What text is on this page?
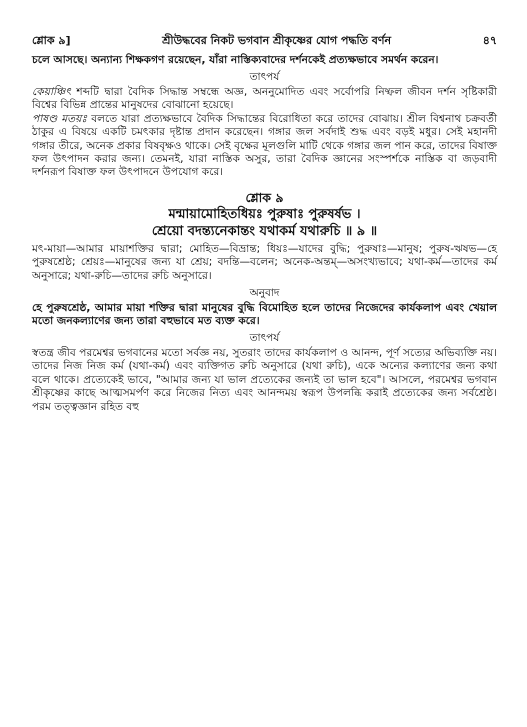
শ্লোক ৯]	শ্রীউদ্ধবের নিকট ভগবান শ্রীকৃষ্ণের যোগ পদ্ধতি বর্ণন	৪৭

চলে আসছে। অন্যান্য শিক্ষকগণ রয়েছেন, যাঁরা নাস্তিক্যবাদের দর্শনকেই প্রত্যক্ষভাবে সমর্থন করেন।

তাৎপর্য

কেয়াঞ্চিৎ শব্দটি দ্বারা বৈদিক সিদ্ধান্ত সম্বন্ধে অজ্ঞ, অননুমোদিত এবং সর্বোপরি নিষ্ফল জীবন দর্শন সৃষ্টিকারী বিশ্বের বিভিন্ন প্রান্তের মানুষদের বোঝানো হয়েছে।

পাষণ্ড মতয়ঃ বলতে যারা প্রত্যক্ষভাবে বৈদিক সিদ্ধান্তের বিরোধিতা করে তাদের বোঝায়। শ্রীল বিশ্বনাথ চক্রবর্তী ঠাকুর এ বিষয়ে একটি চমৎকার দৃষ্টান্ত প্রদান করেছেন। গঙ্গার জল সর্বদাই শুদ্ধ এবং বড়ই মধুর। সেই মহানদী গঙ্গার তীরে, অনেক প্রকার বিষবৃক্ষও থাকে। সেই বৃক্ষের মূলগুলি মাটি থেকে গঙ্গার জল পান করে, তাদের বিষাক্ত ফল উৎপাদন করার জন্য। তেমনই, যারা নাস্তিক অসুর, তারা বৈদিক জ্ঞানের সংস্পর্শকে নাস্তিক বা জড়বাদী দর্শনরূপ বিষাক্ত ফল উৎপাদনে উপযোগ করে।

শ্লোক ৯
মন্মায়ামোহিতধিয়ঃ পুরুষাঃ পুরুষর্ষভ ।
শ্রেয়ো বদন্ত্যনেকান্তং যথাকর্ম যথারুচি ॥ ৯ ॥

মৎ-মায়া—আমার মায়াশক্তির দ্বারা; মোহিত—বিভ্রান্ত; ধিয়ঃ—যাদের বুদ্ধি; পুরুষাঃ—মানুষ; পুরুষ-ঋষভ—হে পুরুষশ্রেষ্ঠ; শ্রেয়ঃ—মানুষের জন্য যা শ্রেয়; বদন্তি—বলেন; অনেক-অন্তম্—অসংখ্যভাবে; যথা-কর্ম—তাদের কর্ম অনুসারে; যথা-রুচি—তাদের রুচি অনুসারে।

অনুবাদ

হে পুরুষশ্রেষ্ঠ, আমার মায়া শক্তির দ্বারা মানুষের বুদ্ধি বিমোহিত হলে তাদের নিজেদের কার্যকলাপ এবং খেয়াল মতো জনকল্যাণের জন্য তারা বহুভাবে মত ব্যক্ত করে।

তাৎপর্য

স্বতন্ত্র জীব পরমেশ্বর ভগবানের মতো সর্বজ্ঞ নয়, সুতরাং তাদের কার্যকলাপ ও আনন্দ, পূর্ণ সত্যের অভিব্যক্তি নয়। তাদের নিজ নিজ কর্ম (যথা-কর্ম) এবং ব্যক্তিগত রুচি অনুসারে (যথা রুচি), একে অন্যের কল্যাণের জন্য কথা বলে থাকে। প্রত্যেকেই ভাবে, "আমার জন্য যা ভাল প্রত্যেকের জন্যই তা ভাল হবে"। আসলে, পরমেশ্বর ভগবান শ্রীকৃষ্ণের কাছে আত্মসমর্পণ করে নিজের নিত্য এবং আনন্দময় স্বরূপ উপলব্ধি করাই প্রত্যেকের জন্য সর্বশ্রেষ্ঠ। পরম তত্ত্বজ্ঞান রহিত বহু
